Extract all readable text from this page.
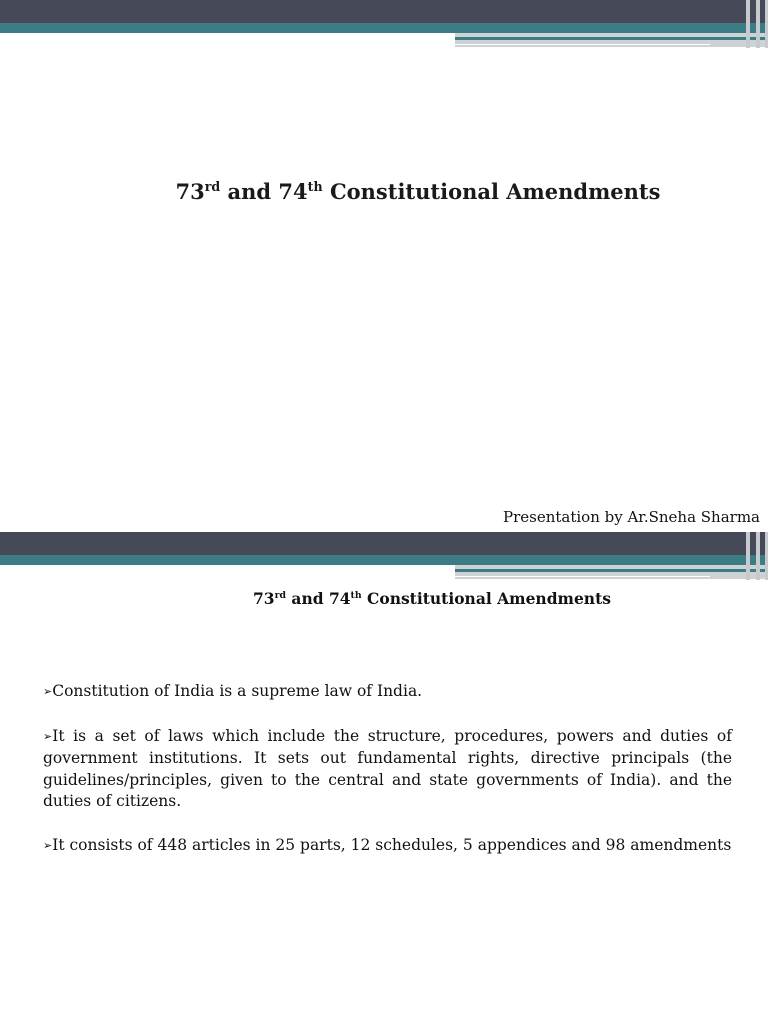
73rd and 74th Constitutional Amendments
Presentation by Ar.Sneha Sharma
73rd and 74th Constitutional Amendments

➢Constitution of India is a supreme law of India.

➢It is a set of laws which include the structure, procedures, powers and duties of government institutions. It sets out fundamental rights, directive principals (the guidelines/principles, given to the central and state governments of India). and the duties of citizens.

➢It consists of 448 articles in 25 parts, 12 schedules, 5 appendices and 98 amendments
